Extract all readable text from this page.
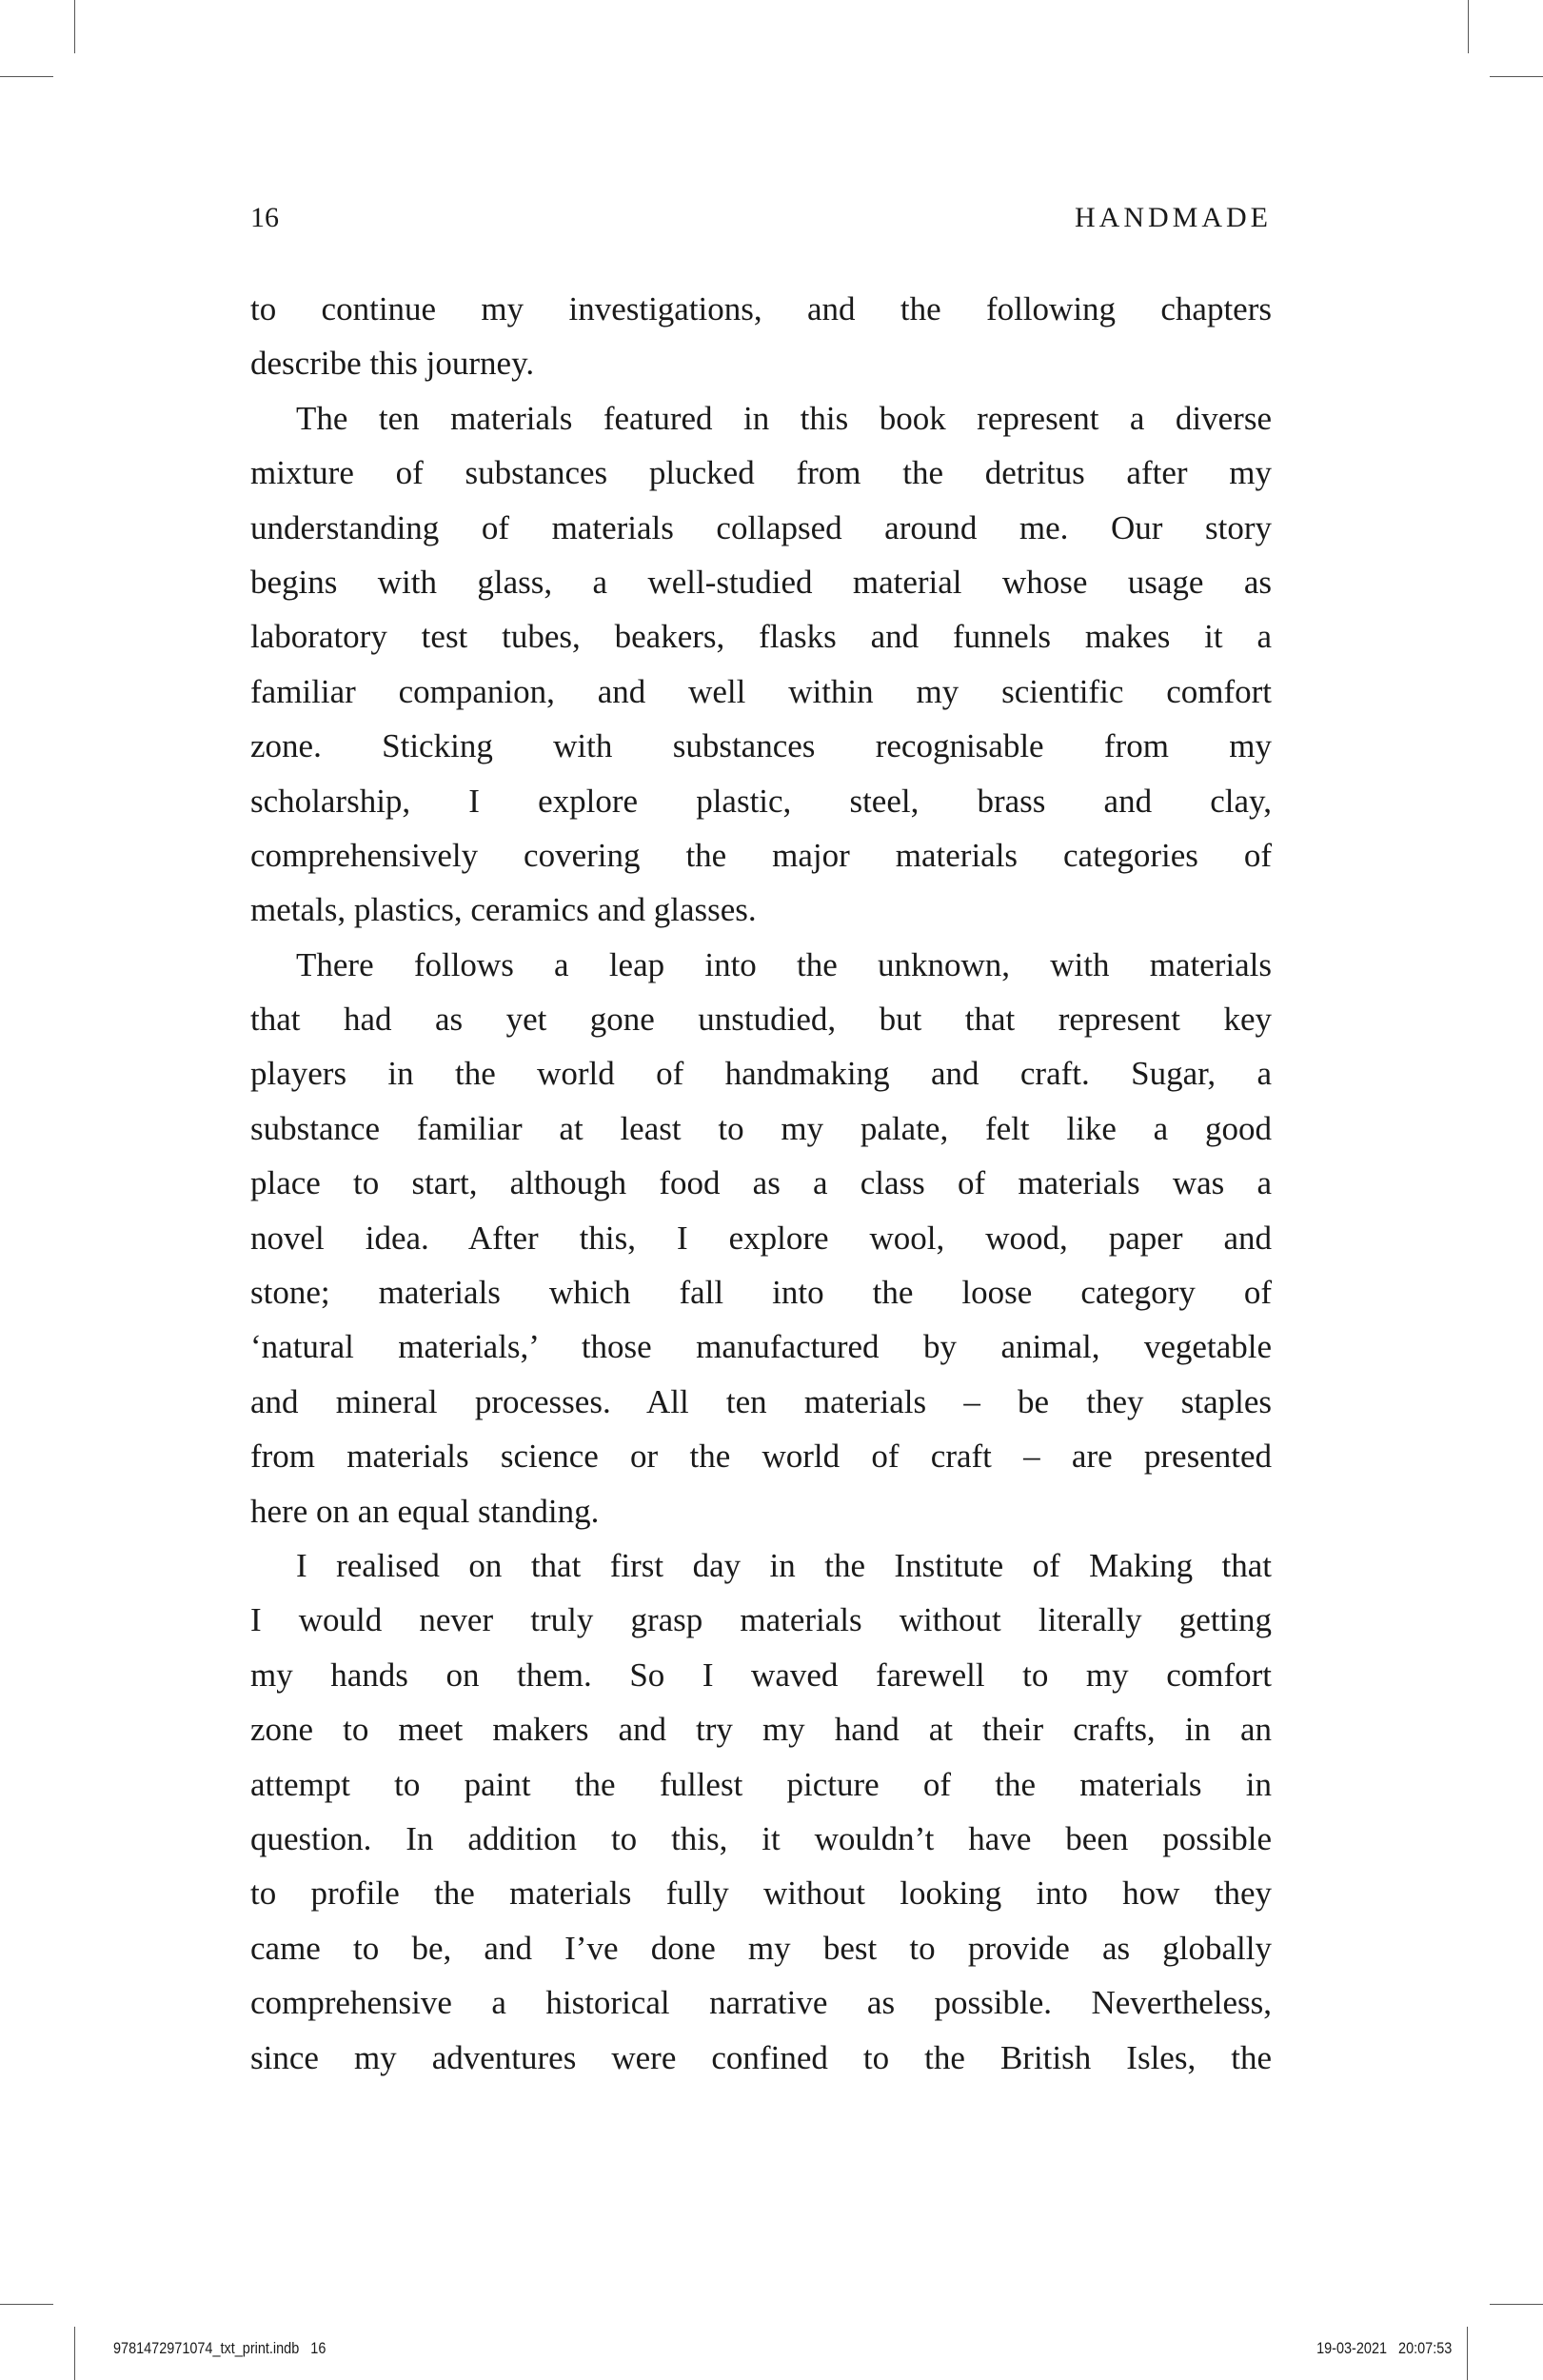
16	HANDMADE
to continue my investigations, and the following chapters
describe this journey.
The ten materials featured in this book represent a diverse
mixture of substances plucked from the detritus after my
understanding of materials collapsed around me. Our story
begins with glass, a well-studied material whose usage as
laboratory test tubes, beakers, flasks and funnels makes it a
familiar companion, and well within my scientific comfort
zone. Sticking with substances recognisable from my
scholarship, I explore plastic, steel, brass and clay,
comprehensively covering the major materials categories of
metals, plastics, ceramics and glasses.
There follows a leap into the unknown, with materials
that had as yet gone unstudied, but that represent key
players in the world of handmaking and craft. Sugar, a
substance familiar at least to my palate, felt like a good
place to start, although food as a class of materials was a
novel idea. After this, I explore wool, wood, paper and
stone; materials which fall into the loose category of
‘natural materials,’ those manufactured by animal, vegetable
and mineral processes. All ten materials – be they staples
from materials science or the world of craft – are presented
here on an equal standing.
I realised on that first day in the Institute of Making that
I would never truly grasp materials without literally getting
my hands on them. So I waved farewell to my comfort
zone to meet makers and try my hand at their crafts, in an
attempt to paint the fullest picture of the materials in
question. In addition to this, it wouldn’t have been possible
to profile the materials fully without looking into how they
came to be, and I’ve done my best to provide as globally
comprehensive a historical narrative as possible. Nevertheless,
since my adventures were confined to the British Isles, the
9781472971074_txt_print.indb   16	19-03-2021   20:07:53
